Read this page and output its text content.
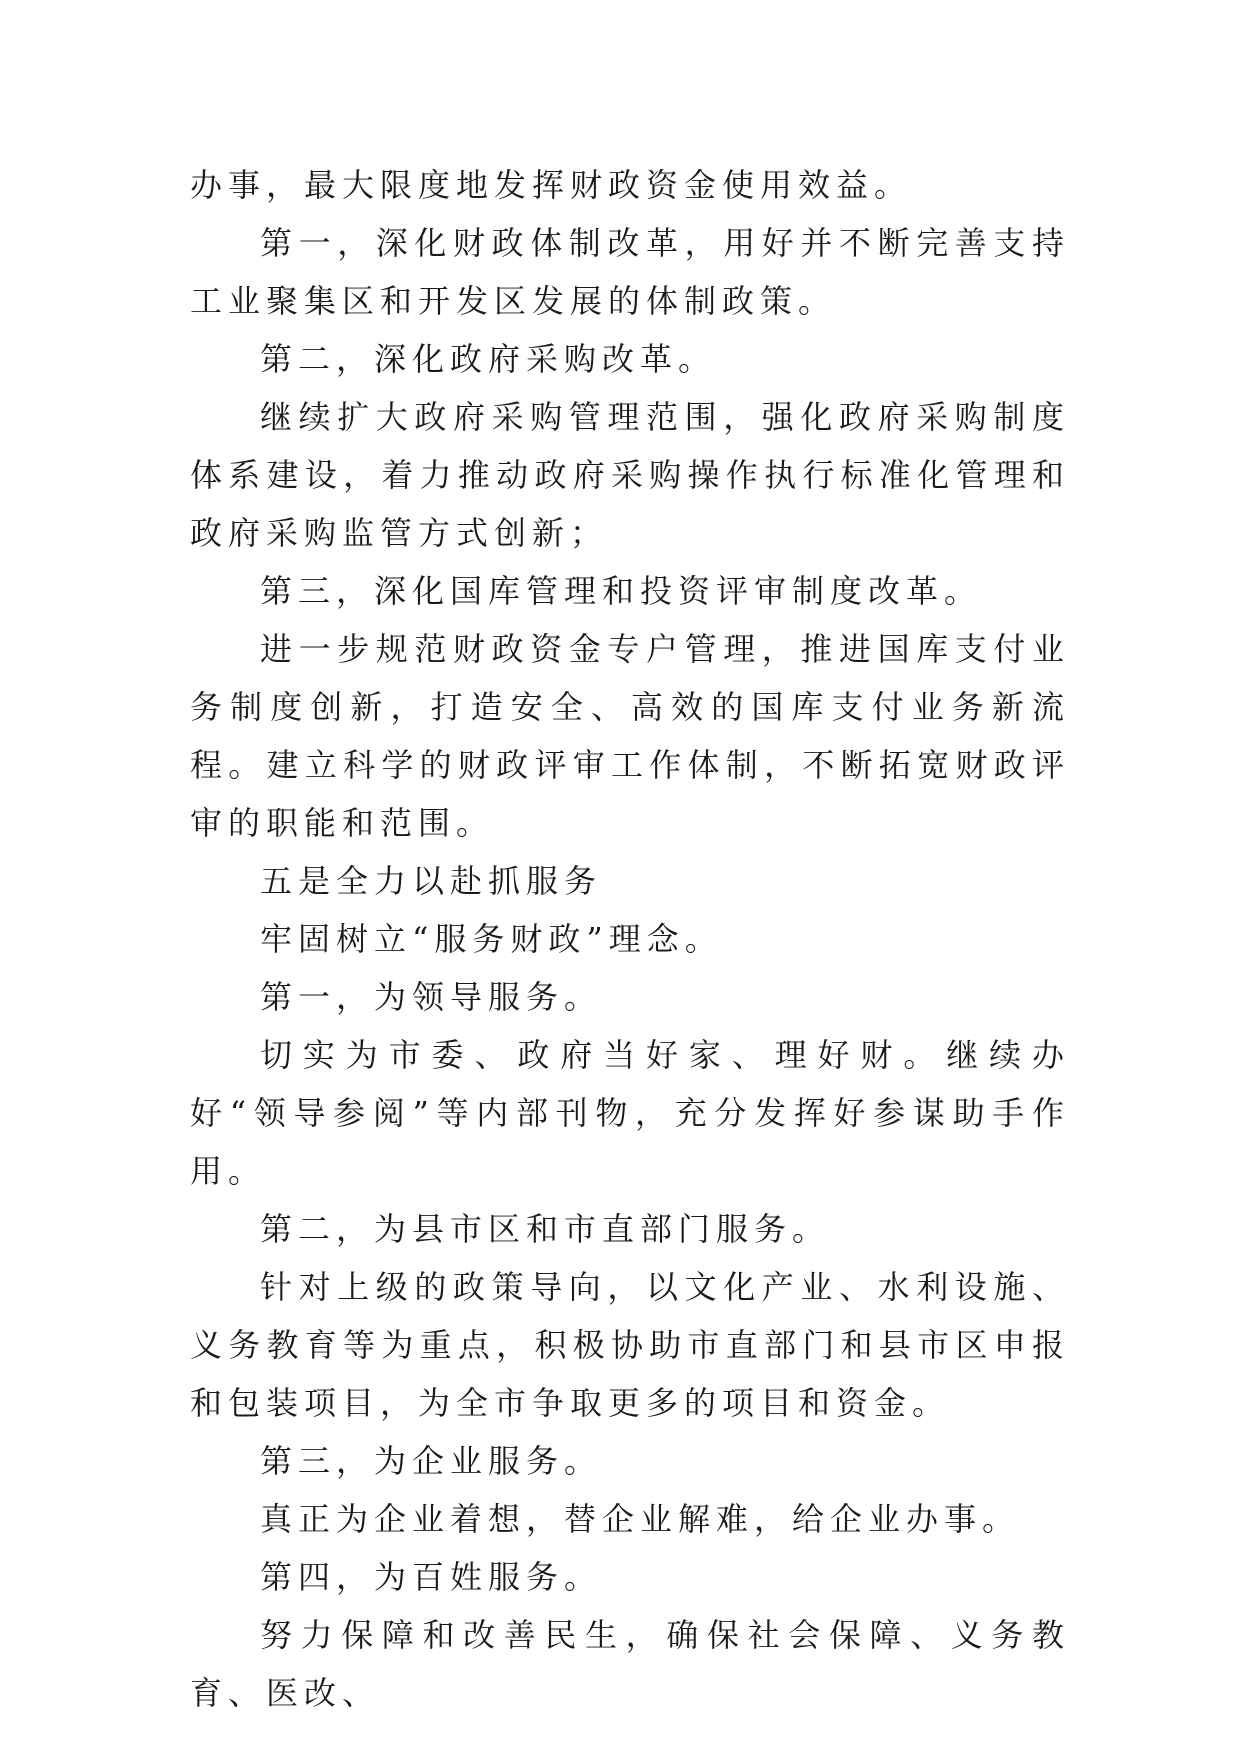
办事，最大限度地发挥财政资金使用效益。

第一，深化财政体制改革，用好并不断完善支持工业聚集区和开发区发展的体制政策。

第二，深化政府采购改革。

继续扩大政府采购管理范围，强化政府采购制度体系建设，着力推动政府采购操作执行标准化管理和政府采购监管方式创新；

第三，深化国库管理和投资评审制度改革。

进一步规范财政资金专户管理，推进国库支付业务制度创新，打造安全、高效的国库支付业务新流程。建立科学的财政评审工作体制，不断拓宽财政评审的职能和范围。

五是全力以赴抓服务

牢固树立“服务财政”理念。

第一，为领导服务。

切实为市委、政府当好家、理好财。继续办好“领导参阅”等内部刊物，充分发挥好参谋助手作用。

第二，为县市区和市直部门服务。

针对上级的政策导向，以文化产业、水利设施、义务教育等为重点，积极协助市直部门和县市区申报和包装项目，为全市争取更多的项目和资金。

第三，为企业服务。

真正为企业着想，替企业解难，给企业办事。

第四，为百姓服务。

努力保障和改善民生，确保社会保障、义务教育、医改、
